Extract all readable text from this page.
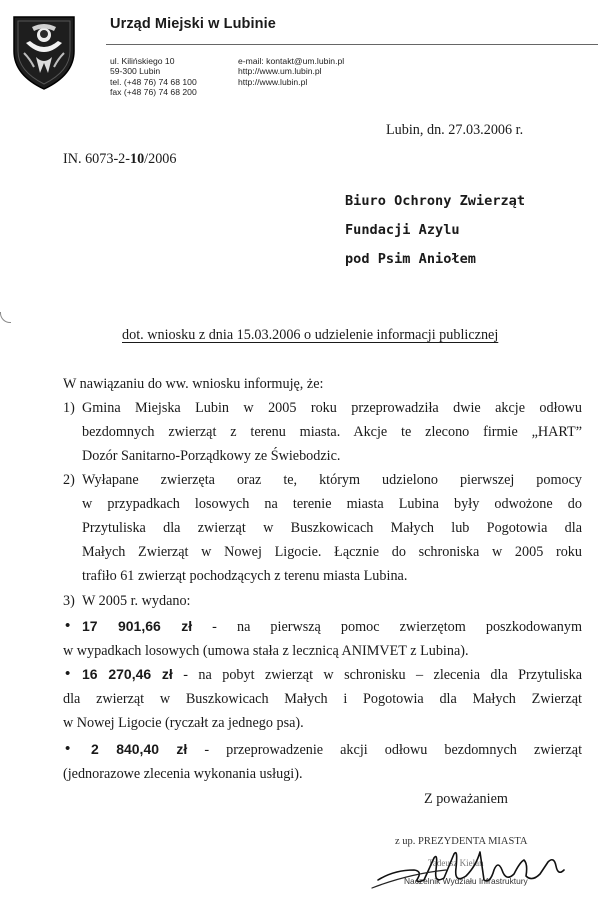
Urząd Miejski w Lubinie
ul. Kilińskiego 10
59-300 Lubin
tel. (+48 76) 74 68 100
fax (+48 76) 74 68 200
e-mail: kontakt@um.lubin.pl
http://www.um.lubin.pl
http://www.lubin.pl
Lubin, dn. 27.03.2006 r.
IN. 6073-2-10/2006
Biuro Ochrony Zwierząt
Fundacji Azylu
pod Psim Aniołem
dot. wniosku z dnia 15.03.2006 o udzielenie informacji publicznej
W nawiązaniu do ww. wniosku informuję, że:
1) Gmina Miejska Lubin w 2005 roku przeprowadziła dwie akcje odłowu
bezdomnych zwierząt z terenu miasta. Akcje te zlecono firmie „HART”
Dozór Sanitarno-Porządkowy ze Świebodzic.
2) Wyłapane zwierzęta oraz te, którym udzielono pierwszej pomocy
w przypadkach losowych na terenie miasta Lubina były odwożone do
Przytuliska dla zwierząt w Buszkowicach Małych lub Pogotowia dla
Małych Zwierząt w Nowej Ligocie. Łącznie do schroniska w 2005 roku
trafiło 61 zwierząt pochodzących z terenu miasta Lubina.
3) W 2005 r. wydano:
• 17 901,66 zł - na pierwszą pomoc zwierzętom poszkodowanym
w wypadkach losowych (umowa stała z lecznicą ANIMVET z Lubina).
• 16 270,46 zł - na pobyt zwierząt w schronisku – zlecenia dla Przytuliska
dla zwierząt w Buszkowicach Małych i Pogotowia dla Małych Zwierząt
w Nowej Ligocie (ryczałt za jednego psa).
• 2 840,40 zł - przeprowadzenie akcji odłowu bezdomnych zwierząt
(jednorazowe zlecenia wykonania usługi).
Z poważaniem
z up. PREZYDENTA MIASTA
Tadeusz Kielan
Naczelnik Wydziału Infrastruktury
